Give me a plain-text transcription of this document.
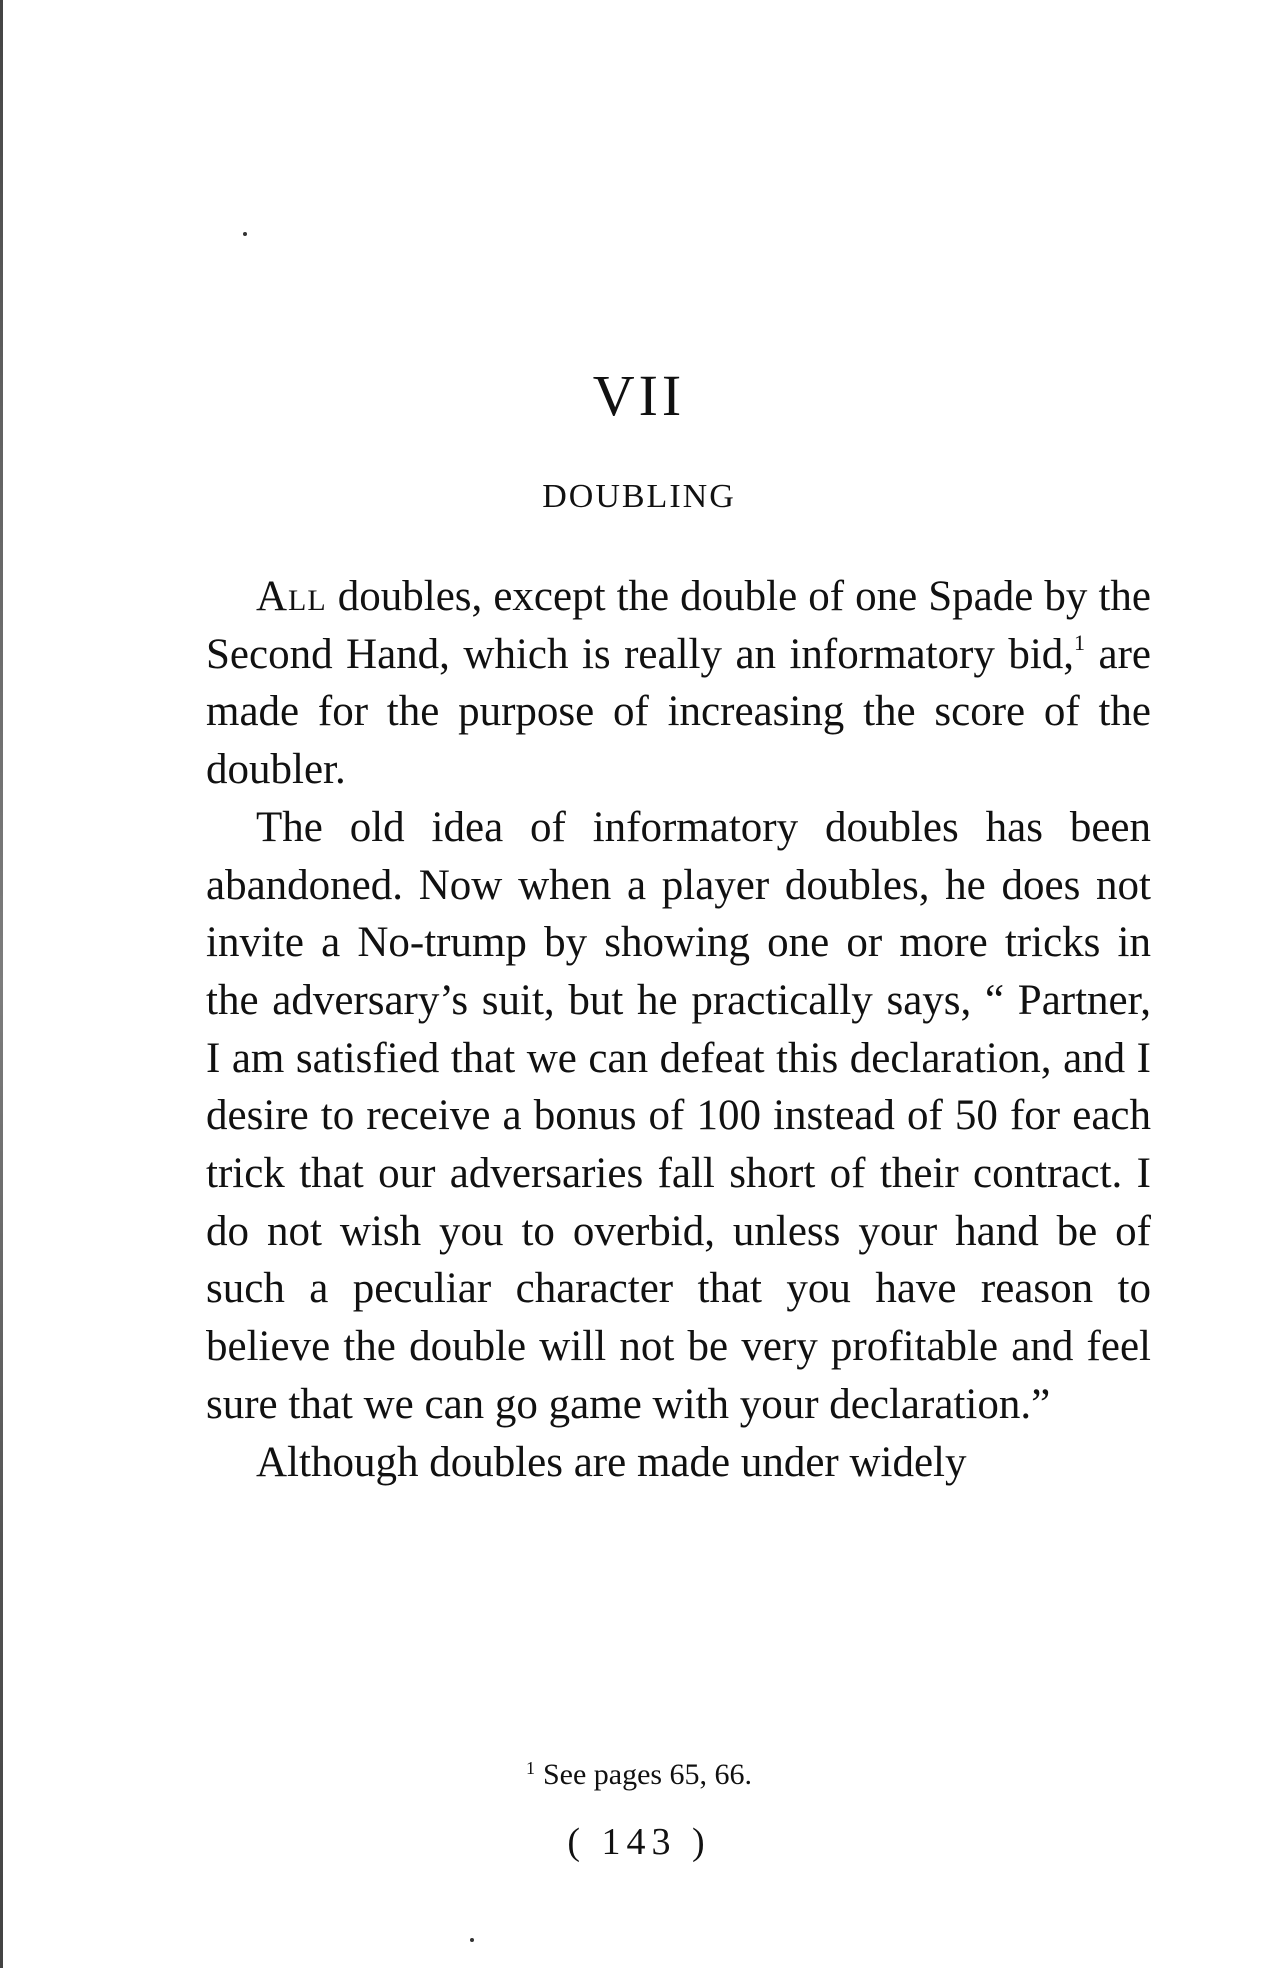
VII
DOUBLING

All doubles, except the double of one Spade by the Second Hand, which is really an informatory bid,$^1$ are made for the purpose of increasing the score of the doubler.

The old idea of informatory doubles has been abandoned. Now when a player doubles, he does not invite a No-trump by showing one or more tricks in the adversary’s suit, but he practically says, “ Partner, I am satisfied that we can defeat this declaration, and I desire to receive a bonus of 100 instead of 50 for each trick that our adversaries fall short of their contract. I do not wish you to overbid, unless your hand be of such a peculiar character that you have reason to believe the double will not be very profitable and feel sure that we can go game with your declaration.”

Although doubles are made under widely

$^1$ See pages 65, 66.
( 143 )
